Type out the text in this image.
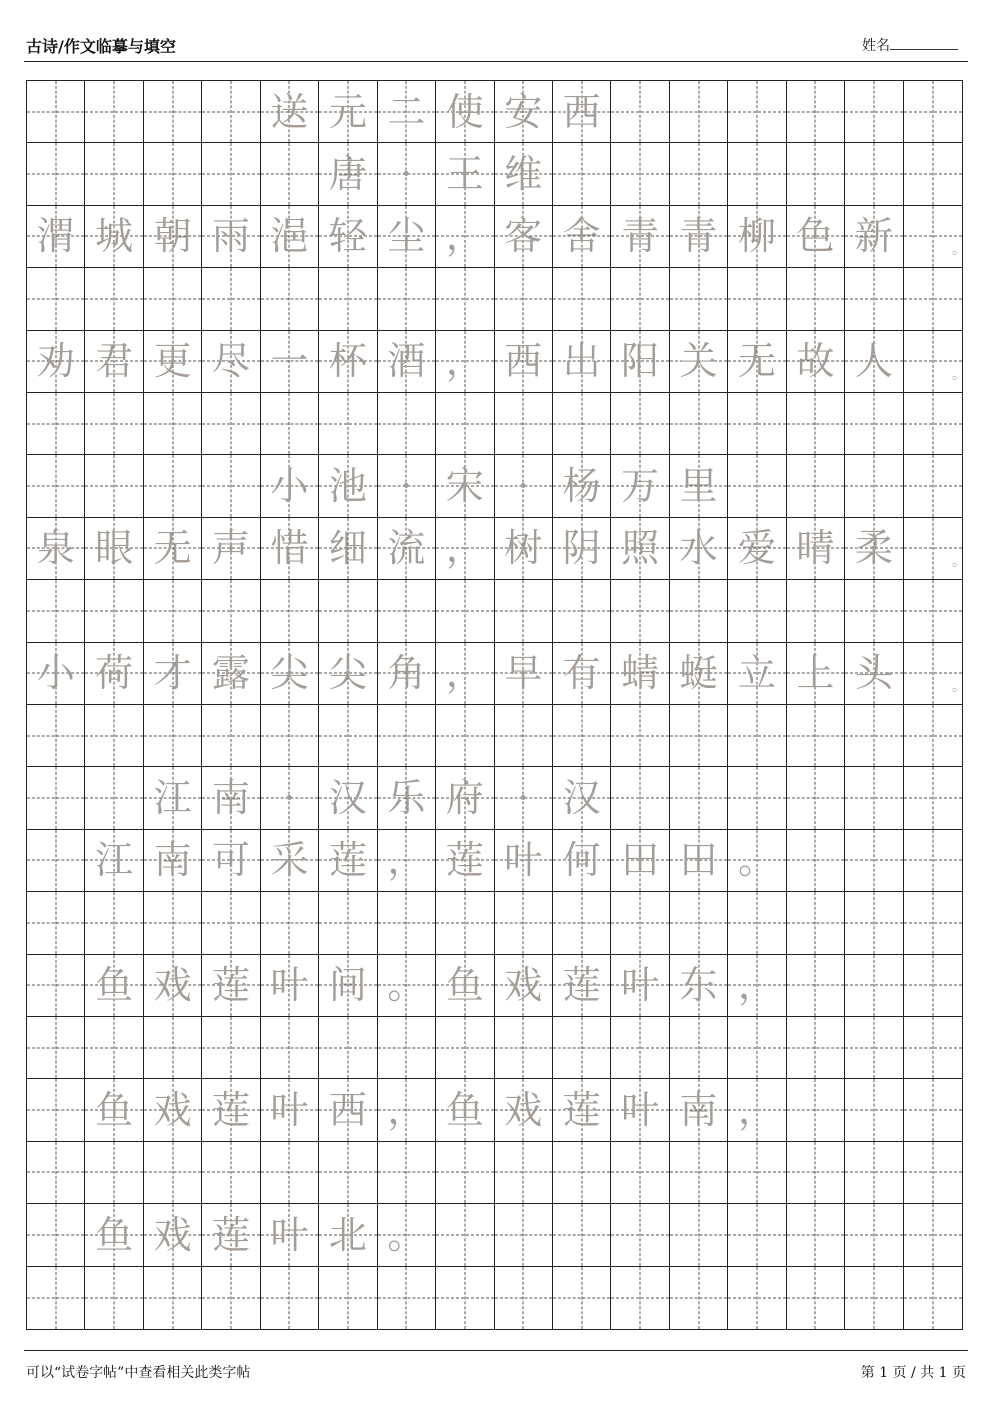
古诗/作文临摹与填空	姓名
送 元 二 使 安 西
唐 · 王 维
渭 城 朝 雨 浥 轻 尘 ， 客 舍 青 青 柳 色 新
劝 君 更 尽 一 杯 酒 ， 西 出 阳 关 无 故 人
小 池 · 宋 · 杨 万 里
泉 眼 无 声 惜 细 流 ， 树 阴 照 水 爱 晴 柔
小 荷 才 露 尖 尖 角 ， 早 有 蜻 蜓 立 上 头
江 南 · 汉 乐 府 · 汉
江 南 可 采 莲 ， 莲 叶 何 田 田 。
鱼 戏 莲 叶 间 。 鱼 戏 莲 叶 东 ，
鱼 戏 莲 叶 西 ， 鱼 戏 莲 叶 南 ，
鱼 戏 莲 叶 北 。
。
。
。
。
可以“试卷字帖”中查看相关此类字帖	第 1 页 / 共 1 页
